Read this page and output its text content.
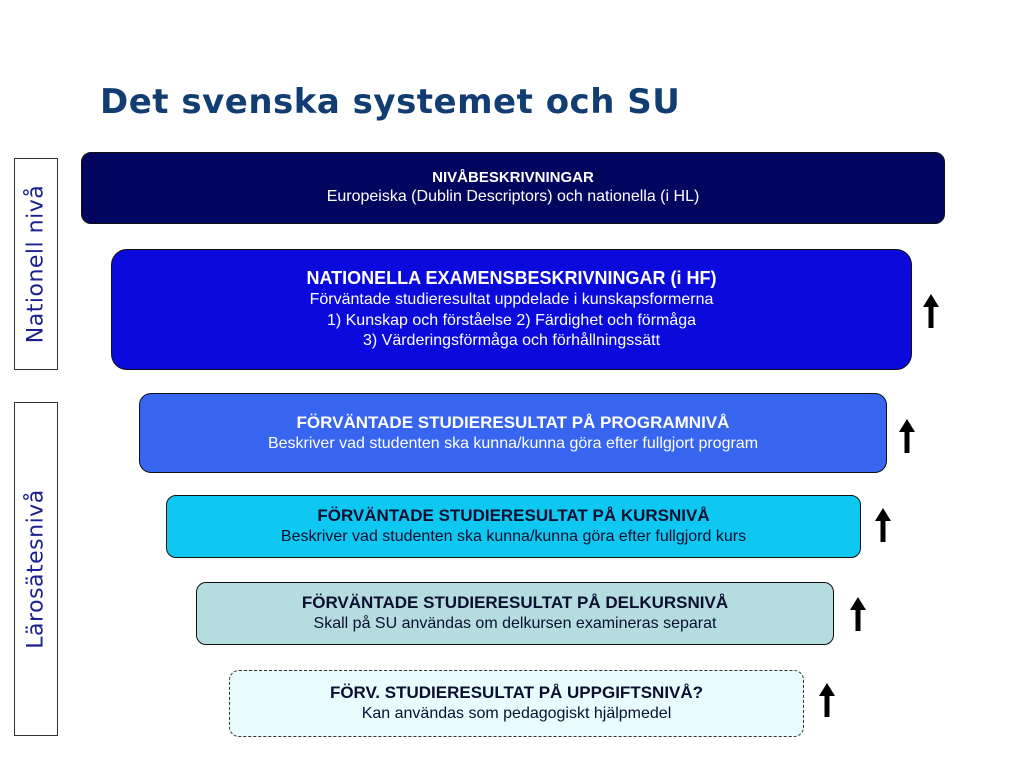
Det svenska systemet och SU
Nationell nivå
Lärosätesnivå
NIVÅBESKRIVNINGAR
Europeiska (Dublin Descriptors) och nationella (i HL)
NATIONELLA EXAMENSBESKRIVNINGAR (i HF)
Förväntade studieresultat uppdelade i kunskapsformerna
1) Kunskap och förståelse 2) Färdighet och förmåga
3) Värderingsförmåga och förhållningssätt
FÖRVÄNTADE STUDIERESULTAT PÅ PROGRAMNIVÅ
Beskriver vad studenten ska kunna/kunna göra efter fullgjort program
FÖRVÄNTADE STUDIERESULTAT PÅ KURSNIVÅ
Beskriver vad studenten ska kunna/kunna göra efter fullgjord kurs
FÖRVÄNTADE STUDIERESULTAT PÅ DELKURSNIVÅ
Skall på SU användas om delkursen examineras separat
FÖRV. STUDIERESULTAT PÅ UPPGIFTSNIVÅ?
Kan användas som pedagogiskt hjälpmedel
